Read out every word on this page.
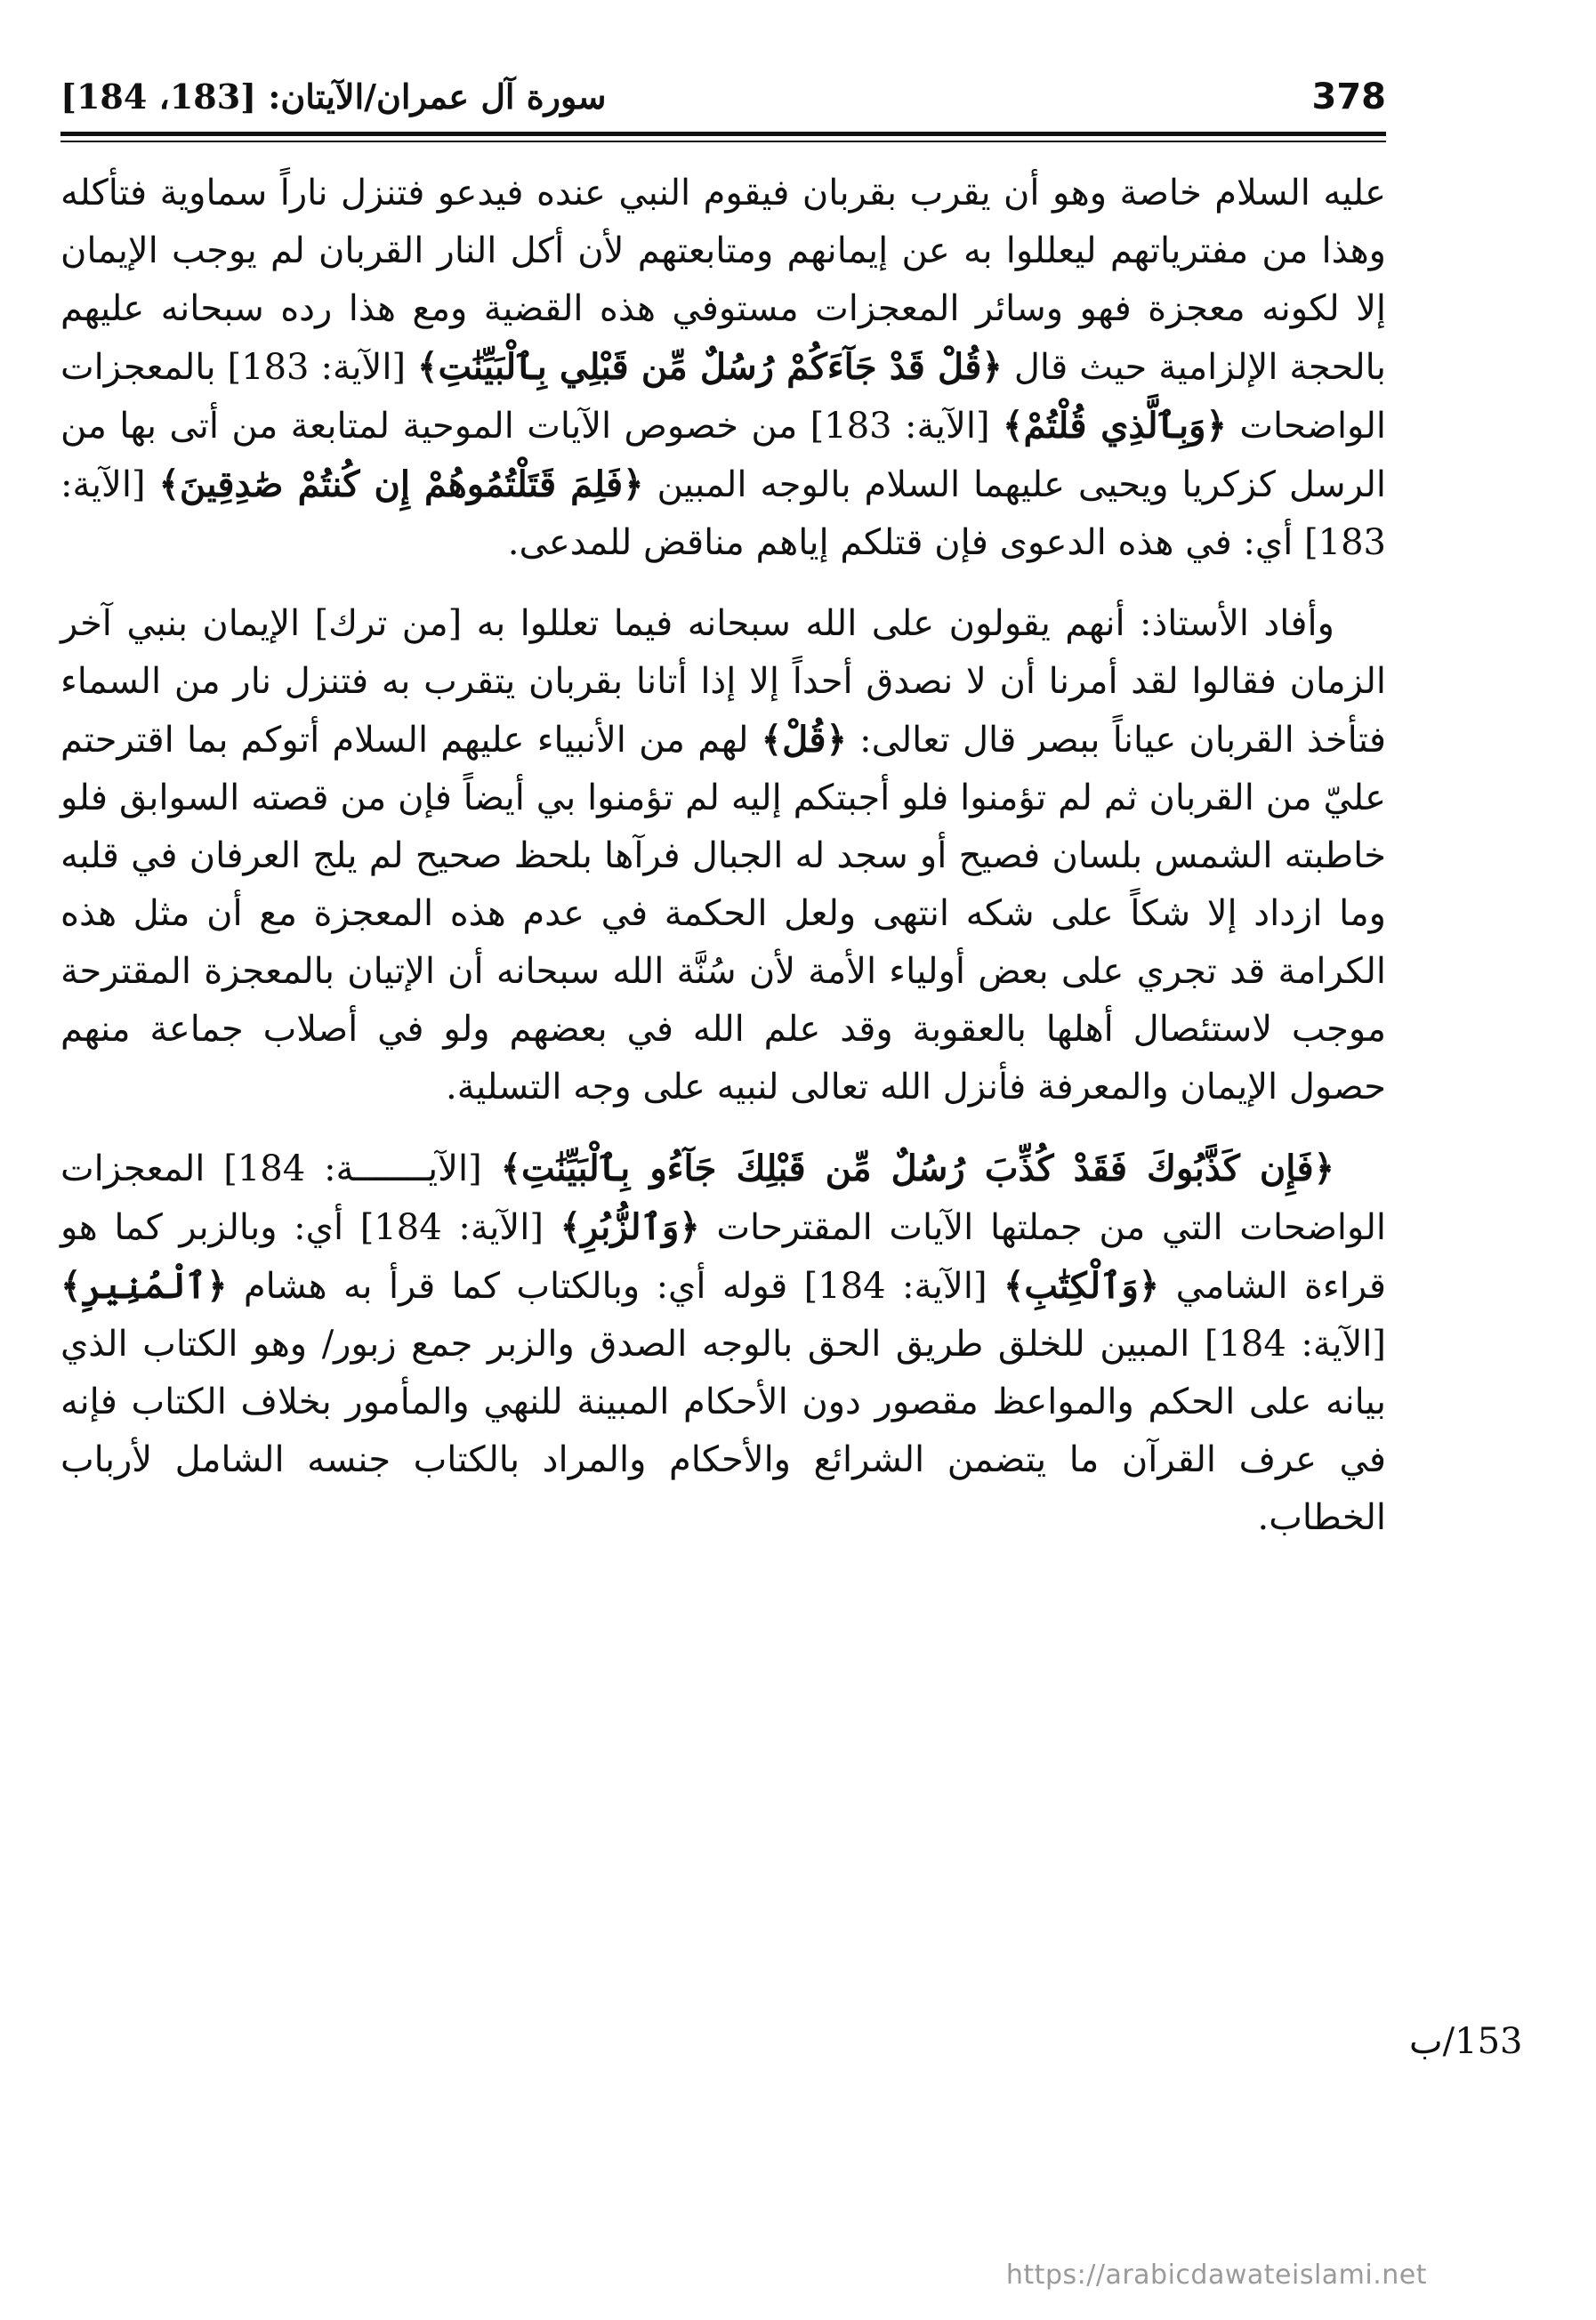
378
سورة آل عمران/الآيتان: [183، 184]

عليه السلام خاصة وهو أن يقرب بقربان فيقوم النبي عنده فيدعو فتنزل ناراً سماوية فتأكله وهذا من مفترياتهم ليعللوا به عن إيمانهم ومتابعتهم لأن أكل النار القربان لم يوجب الإيمان إلا لكونه معجزة فهو وسائر المعجزات مستوفي هذه القضية ومع هذا رده سبحانه عليهم بالحجة الإلزامية حيث قال ﴿قُلْ قَدْ جَآءَكُمْ رُسُلٌ مِّن قَبْلِي بِٱلْبَيِّنَٰتِ﴾ [الآية: 183] بالمعجزات الواضحات ﴿وَبِٱلَّذِي قُلْتُمْ﴾ [الآية: 183] من خصوص الآيات الموحية لمتابعة من أتى بها من الرسل كزكريا ويحيى عليهما السلام بالوجه المبين ﴿فَلِمَ قَتَلْتُمُوهُمْ إِن كُنتُمْ صَٰدِقِينَ﴾ [الآية: 183] أي: في هذه الدعوى فإن قتلكم إياهم مناقض للمدعى.

وأفاد الأستاذ: أنهم يقولون على الله سبحانه فيما تعللوا به [من ترك] الإيمان بنبي آخر الزمان فقالوا لقد أمرنا أن لا نصدق أحداً إلا إذا أتانا بقربان يتقرب به فتنزل نار من السماء فتأخذ القربان عياناً ببصر قال تعالى: ﴿قُلْ﴾ لهم من الأنبياء عليهم السلام أتوكم بما اقترحتم عليّ من القربان ثم لم تؤمنوا فلو أجبتكم إليه لم تؤمنوا بي أيضاً فإن من قصته السوابق فلو خاطبته الشمس بلسان فصيح أو سجد له الجبال فرآها بلحظ صحيح لم يلج العرفان في قلبه وما ازداد إلا شكاً على شكه انتهى ولعل الحكمة في عدم هذه المعجزة مع أن مثل هذه الكرامة قد تجري على بعض أولياء الأمة لأن سُنَّة الله سبحانه أن الإتيان بالمعجزة المقترحة موجب لاستئصال أهلها بالعقوبة وقد علم الله في بعضهم ولو في أصلاب جماعة منهم حصول الإيمان والمعرفة فأنزل الله تعالى لنبيه على وجه التسلية.

﴿فَإِن كَذَّبُوكَ فَقَدْ كُذِّبَ رُسُلٌ مِّن قَبْلِكَ جَآءُو بِٱلْبَيِّنَٰتِ﴾ [الآيـــــــة: 184] المعجزات الواضحات التي من جملتها الآيات المقترحات ﴿وَٱلزُّبُرِ﴾ [الآية: 184] أي: وبالزبر كما هو قراءة الشامي ﴿وَٱلْكِتَٰبِ﴾ [الآية: 184] قوله أي: وبالكتاب كما قرأ به هشام ﴿ٱلْمُنِيرِ﴾ [الآية: 184] المبين للخلق طريق الحق بالوجه الصدق والزبر جمع زبور/ وهو الكتاب الذي بيانه على الحكم والمواعظ مقصور دون الأحكام المبينة للنهي والمأمور بخلاف الكتاب فإنه في عرف القرآن ما يتضمن الشرائع والأحكام والمراد بالكتاب جنسه الشامل لأرباب الخطاب.

153/ب
https://arabicdawateislami.net
